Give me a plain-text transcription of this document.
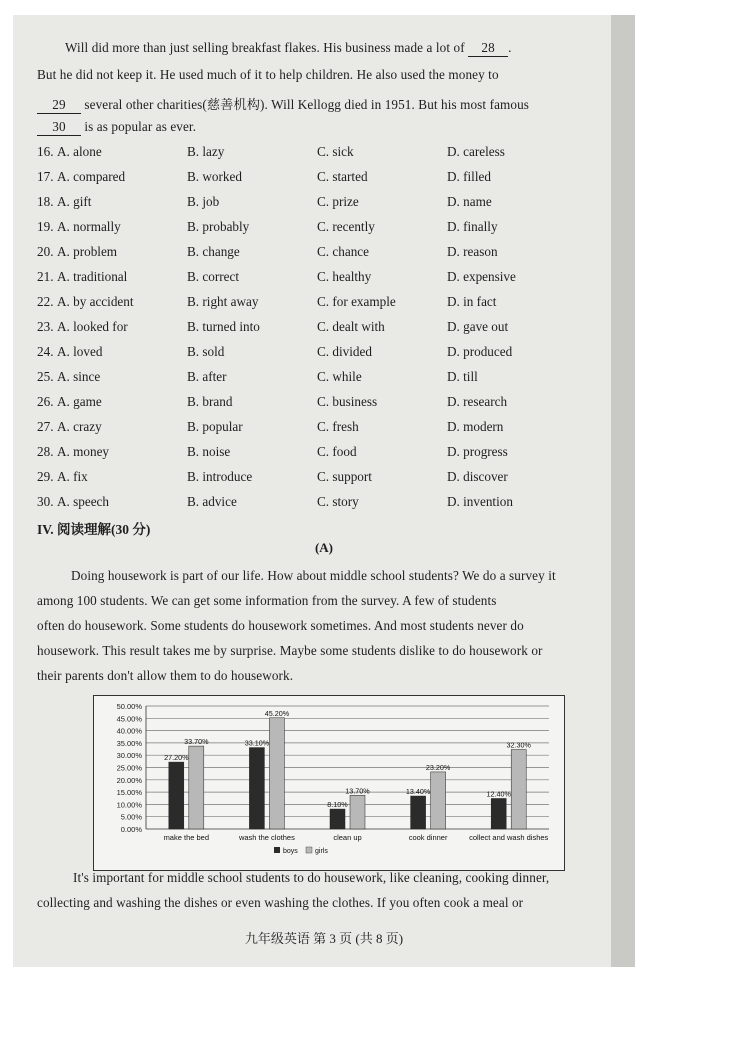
Will did more than just selling breakfast flakes. His business made a lot of 28 .
But he did not keep it. He used much of it to help children. He also used the money to
29 several other charities(慈善机构). Will Kellogg died in 1951. But his most famous
30 is as popular as ever.
16. A. alone	B. lazy	C. sick	D. careless
17. A. compared	B. worked	C. started	D. filled
18. A. gift	B. job	C. prize	D. name
19. A. normally	B. probably	C. recently	D. finally
20. A. problem	B. change	C. chance	D. reason
21. A. traditional	B. correct	C. healthy	D. expensive
22. A. by accident	B. right away	C. for example	D. in fact
23. A. looked for	B. turned into	C. dealt with	D. gave out
24. A. loved	B. sold	C. divided	D. produced
25. A. since	B. after	C. while	D. till
26. A. game	B. brand	C. business	D. research
27. A. crazy	B. popular	C. fresh	D. modern
28. A. money	B. noise	C. food	D. progress
29. A. fix	B. introduce	C. support	D. discover
30. A. speech	B. advice	C. story	D. invention
IV. 阅读理解(30 分)
(A)
Doing housework is part of our life. How about middle school students? We do a survey it
among 100 students. We can get some information from the survey. A few of students
often do housework. Some students do housework sometimes. And most students never do
housework. This result takes me by surprise. Maybe some students dislike to do housework or
their parents don't allow them to do housework.
0.00%
5.00%
10.00%
15.00%
20.00%
25.00%
30.00%
35.00%
40.00%
45.00%
50.00%
27.20%
33.70%
make the bed
33.10%
45.20%
wash the clothes
8.10%
13.70%
clean up
13.40%
23.20%
cook dinner
12.40%
32.30%
collect and wash dishes
boys girls
It's important for middle school students to do housework, like cleaning, cooking dinner,
collecting and washing the dishes or even washing the clothes. If you often cook a meal or
九年级英语 第 3 页 (共 8 页)
